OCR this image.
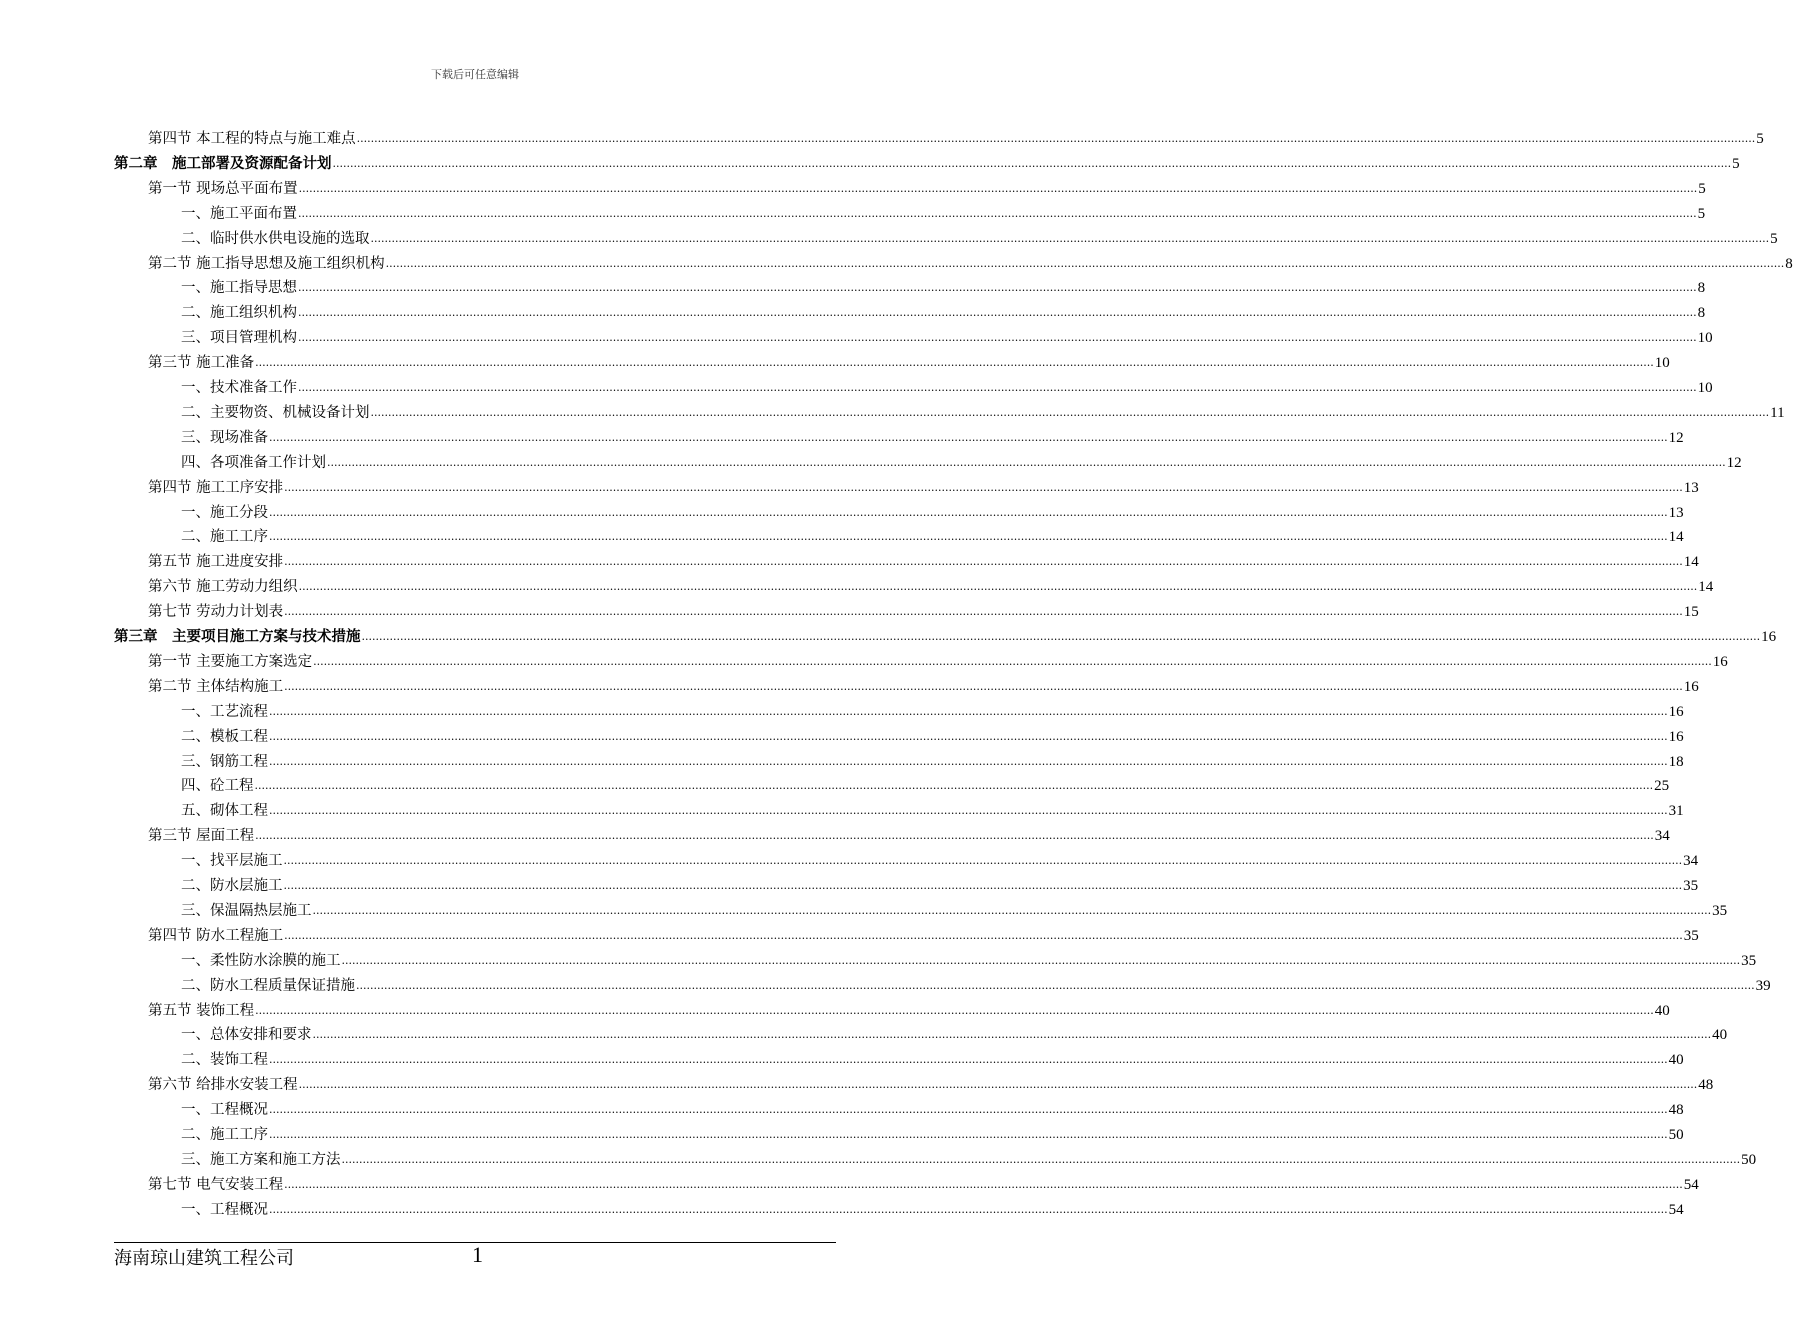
下载后可任意编辑
第四节 本工程的特点与施工难点 ................................................................................................................................................................................................................................................................................................................................................................................................................ 5
第二章　施工部署及资源配备计划 ................................................................................................................................................................................................................................................................................................................................................................................................................ 5
第一节 现场总平面布置 ................................................................................................................................................................................................................................................................................................................................................................................................................ 5
一、施工平面布置 ................................................................................................................................................................................................................................................................................................................................................................................................................ 5
二、临时供水供电设施的选取 ................................................................................................................................................................................................................................................................................................................................................................................................................ 5
第二节 施工指导思想及施工组织机构 ................................................................................................................................................................................................................................................................................................................................................................................................................ 8
一、施工指导思想 ................................................................................................................................................................................................................................................................................................................................................................................................................ 8
二、施工组织机构 ................................................................................................................................................................................................................................................................................................................................................................................................................ 8
三、项目管理机构 ................................................................................................................................................................................................................................................................................................................................................................................................................ 10
第三节 施工准备 ................................................................................................................................................................................................................................................................................................................................................................................................................ 10
一、技术准备工作 ................................................................................................................................................................................................................................................................................................................................................................................................................ 10
二、主要物资、机械设备计划 ................................................................................................................................................................................................................................................................................................................................................................................................................ 11
三、现场准备 ................................................................................................................................................................................................................................................................................................................................................................................................................ 12
四、各项准备工作计划 ................................................................................................................................................................................................................................................................................................................................................................................................................ 12
第四节 施工工序安排 ................................................................................................................................................................................................................................................................................................................................................................................................................ 13
一、施工分段 ................................................................................................................................................................................................................................................................................................................................................................................................................ 13
二、施工工序 ................................................................................................................................................................................................................................................................................................................................................................................................................ 14
第五节 施工进度安排 ................................................................................................................................................................................................................................................................................................................................................................................................................ 14
第六节 施工劳动力组织 ................................................................................................................................................................................................................................................................................................................................................................................................................ 14
第七节 劳动力计划表 ................................................................................................................................................................................................................................................................................................................................................................................................................ 15
第三章　主要项目施工方案与技术措施 ................................................................................................................................................................................................................................................................................................................................................................................................................ 16
第一节 主要施工方案选定 ................................................................................................................................................................................................................................................................................................................................................................................................................ 16
第二节 主体结构施工 ................................................................................................................................................................................................................................................................................................................................................................................................................ 16
一、工艺流程 ................................................................................................................................................................................................................................................................................................................................................................................................................ 16
二、模板工程 ................................................................................................................................................................................................................................................................................................................................................................................................................ 16
三、钢筋工程 ................................................................................................................................................................................................................................................................................................................................................................................................................ 18
四、砼工程 ................................................................................................................................................................................................................................................................................................................................................................................................................ 25
五、砌体工程 ................................................................................................................................................................................................................................................................................................................................................................................................................ 31
第三节 屋面工程 ................................................................................................................................................................................................................................................................................................................................................................................................................ 34
一、找平层施工 ................................................................................................................................................................................................................................................................................................................................................................................................................ 34
二、防水层施工 ................................................................................................................................................................................................................................................................................................................................................................................................................ 35
三、保温隔热层施工 ................................................................................................................................................................................................................................................................................................................................................................................................................ 35
第四节 防水工程施工 ................................................................................................................................................................................................................................................................................................................................................................................................................ 35
一、柔性防水涂膜的施工 ................................................................................................................................................................................................................................................................................................................................................................................................................ 35
二、防水工程质量保证措施 ................................................................................................................................................................................................................................................................................................................................................................................................................ 39
第五节 装饰工程 ................................................................................................................................................................................................................................................................................................................................................................................................................ 40
一、总体安排和要求 ................................................................................................................................................................................................................................................................................................................................................................................................................ 40
二、装饰工程 ................................................................................................................................................................................................................................................................................................................................................................................................................ 40
第六节 给排水安装工程 ................................................................................................................................................................................................................................................................................................................................................................................................................ 48
一、工程概况 ................................................................................................................................................................................................................................................................................................................................................................................................................ 48
二、施工工序 ................................................................................................................................................................................................................................................................................................................................................................................................................ 50
三、施工方案和施工方法 ................................................................................................................................................................................................................................................................................................................................................................................................................ 50
第七节 电气安装工程 ................................................................................................................................................................................................................................................................................................................................................................................................................ 54
一、工程概况 ................................................................................................................................................................................................................................................................................................................................................................................................................ 54
海南琼山建筑工程公司	1
